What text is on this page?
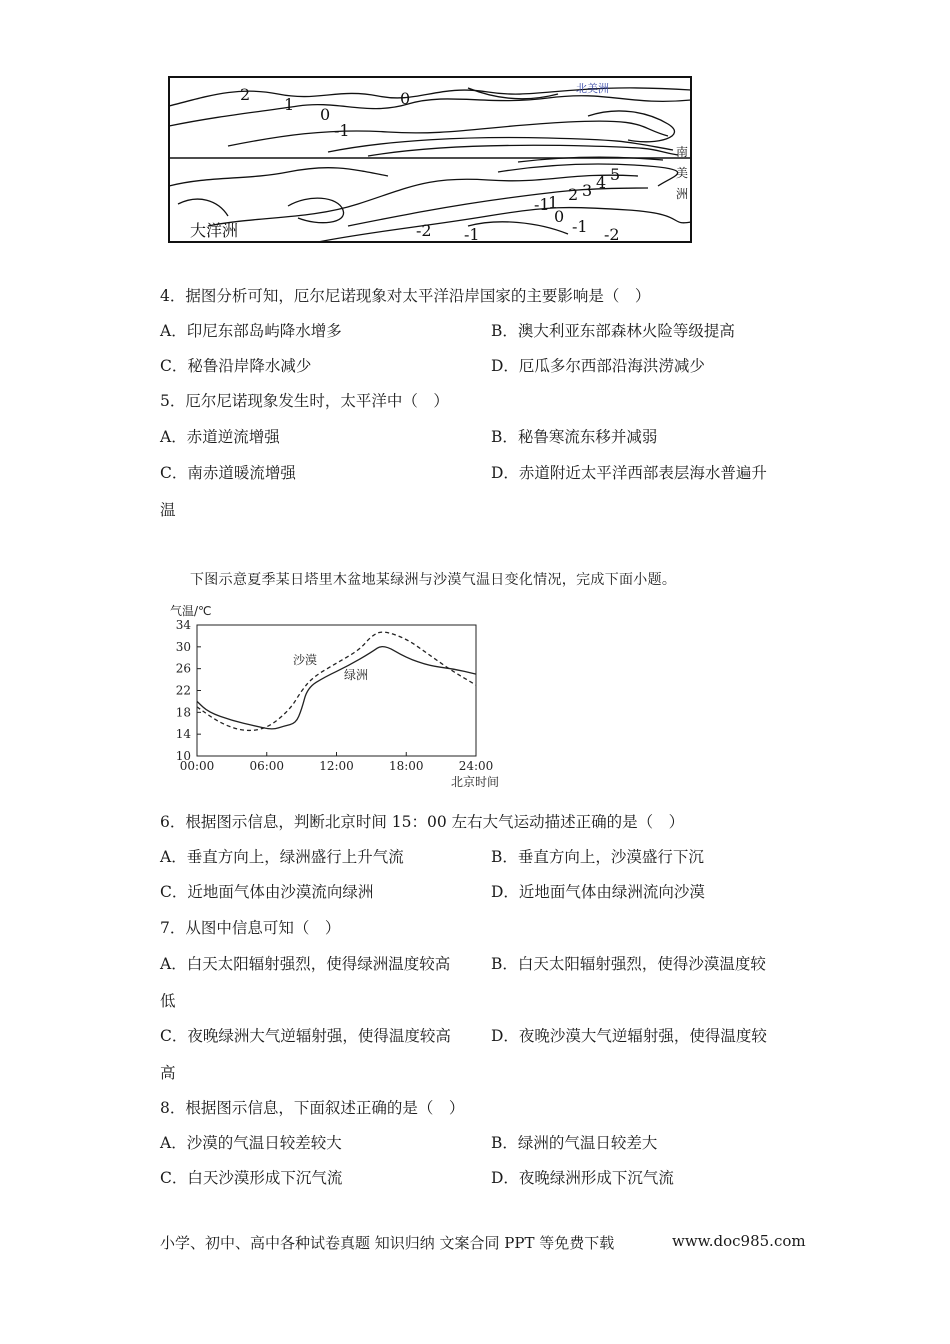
北美洲
南
美
洲
大洋洲
2
1
0
0
-1
5
4
3
2
1
-1
0
-1 -2
-2 -1
4．据图分析可知，厄尔尼诺现象对太平洋沿岸国家的主要影响是（　）
A．印尼东部岛屿降水增多	B．澳大利亚东部森林火险等级提高
C．秘鲁沿岸降水减少	D．厄瓜多尔西部沿海洪涝减少
5．厄尔尼诺现象发生时，太平洋中（　）
A．赤道逆流增强	B．秘鲁寒流东移并减弱
C．南赤道暖流增强	D．赤道附近太平洋西部表层海水普遍升
温
下图示意夏季某日塔里木盆地某绿洲与沙漠气温日变化情况，完成下面小题。
34
30
26
22
18
14
10
00:00	06:00	12:00	18:00	24:00
气温/℃
北京时间
沙漠
绿洲
6．根据图示信息，判断北京时间 15：00 左右大气运动描述正确的是（　）
A．垂直方向上，绿洲盛行上升气流	B．垂直方向上，沙漠盛行下沉
C．近地面气体由沙漠流向绿洲	D．近地面气体由绿洲流向沙漠
7．从图中信息可知（　）
A．白天太阳辐射强烈，使得绿洲温度较高	B．白天太阳辐射强烈，使得沙漠温度较
低
C．夜晚绿洲大气逆辐射强，使得温度较高	D．夜晚沙漠大气逆辐射强，使得温度较
高
8．根据图示信息，下面叙述正确的是（　）
A．沙漠的气温日较差较大	B．绿洲的气温日较差大
C．白天沙漠形成下沉气流	D．夜晚绿洲形成下沉气流
小学、初中、高中各种试卷真题 知识归纳 文案合同 PPT 等免费下载	www.doc985.com
